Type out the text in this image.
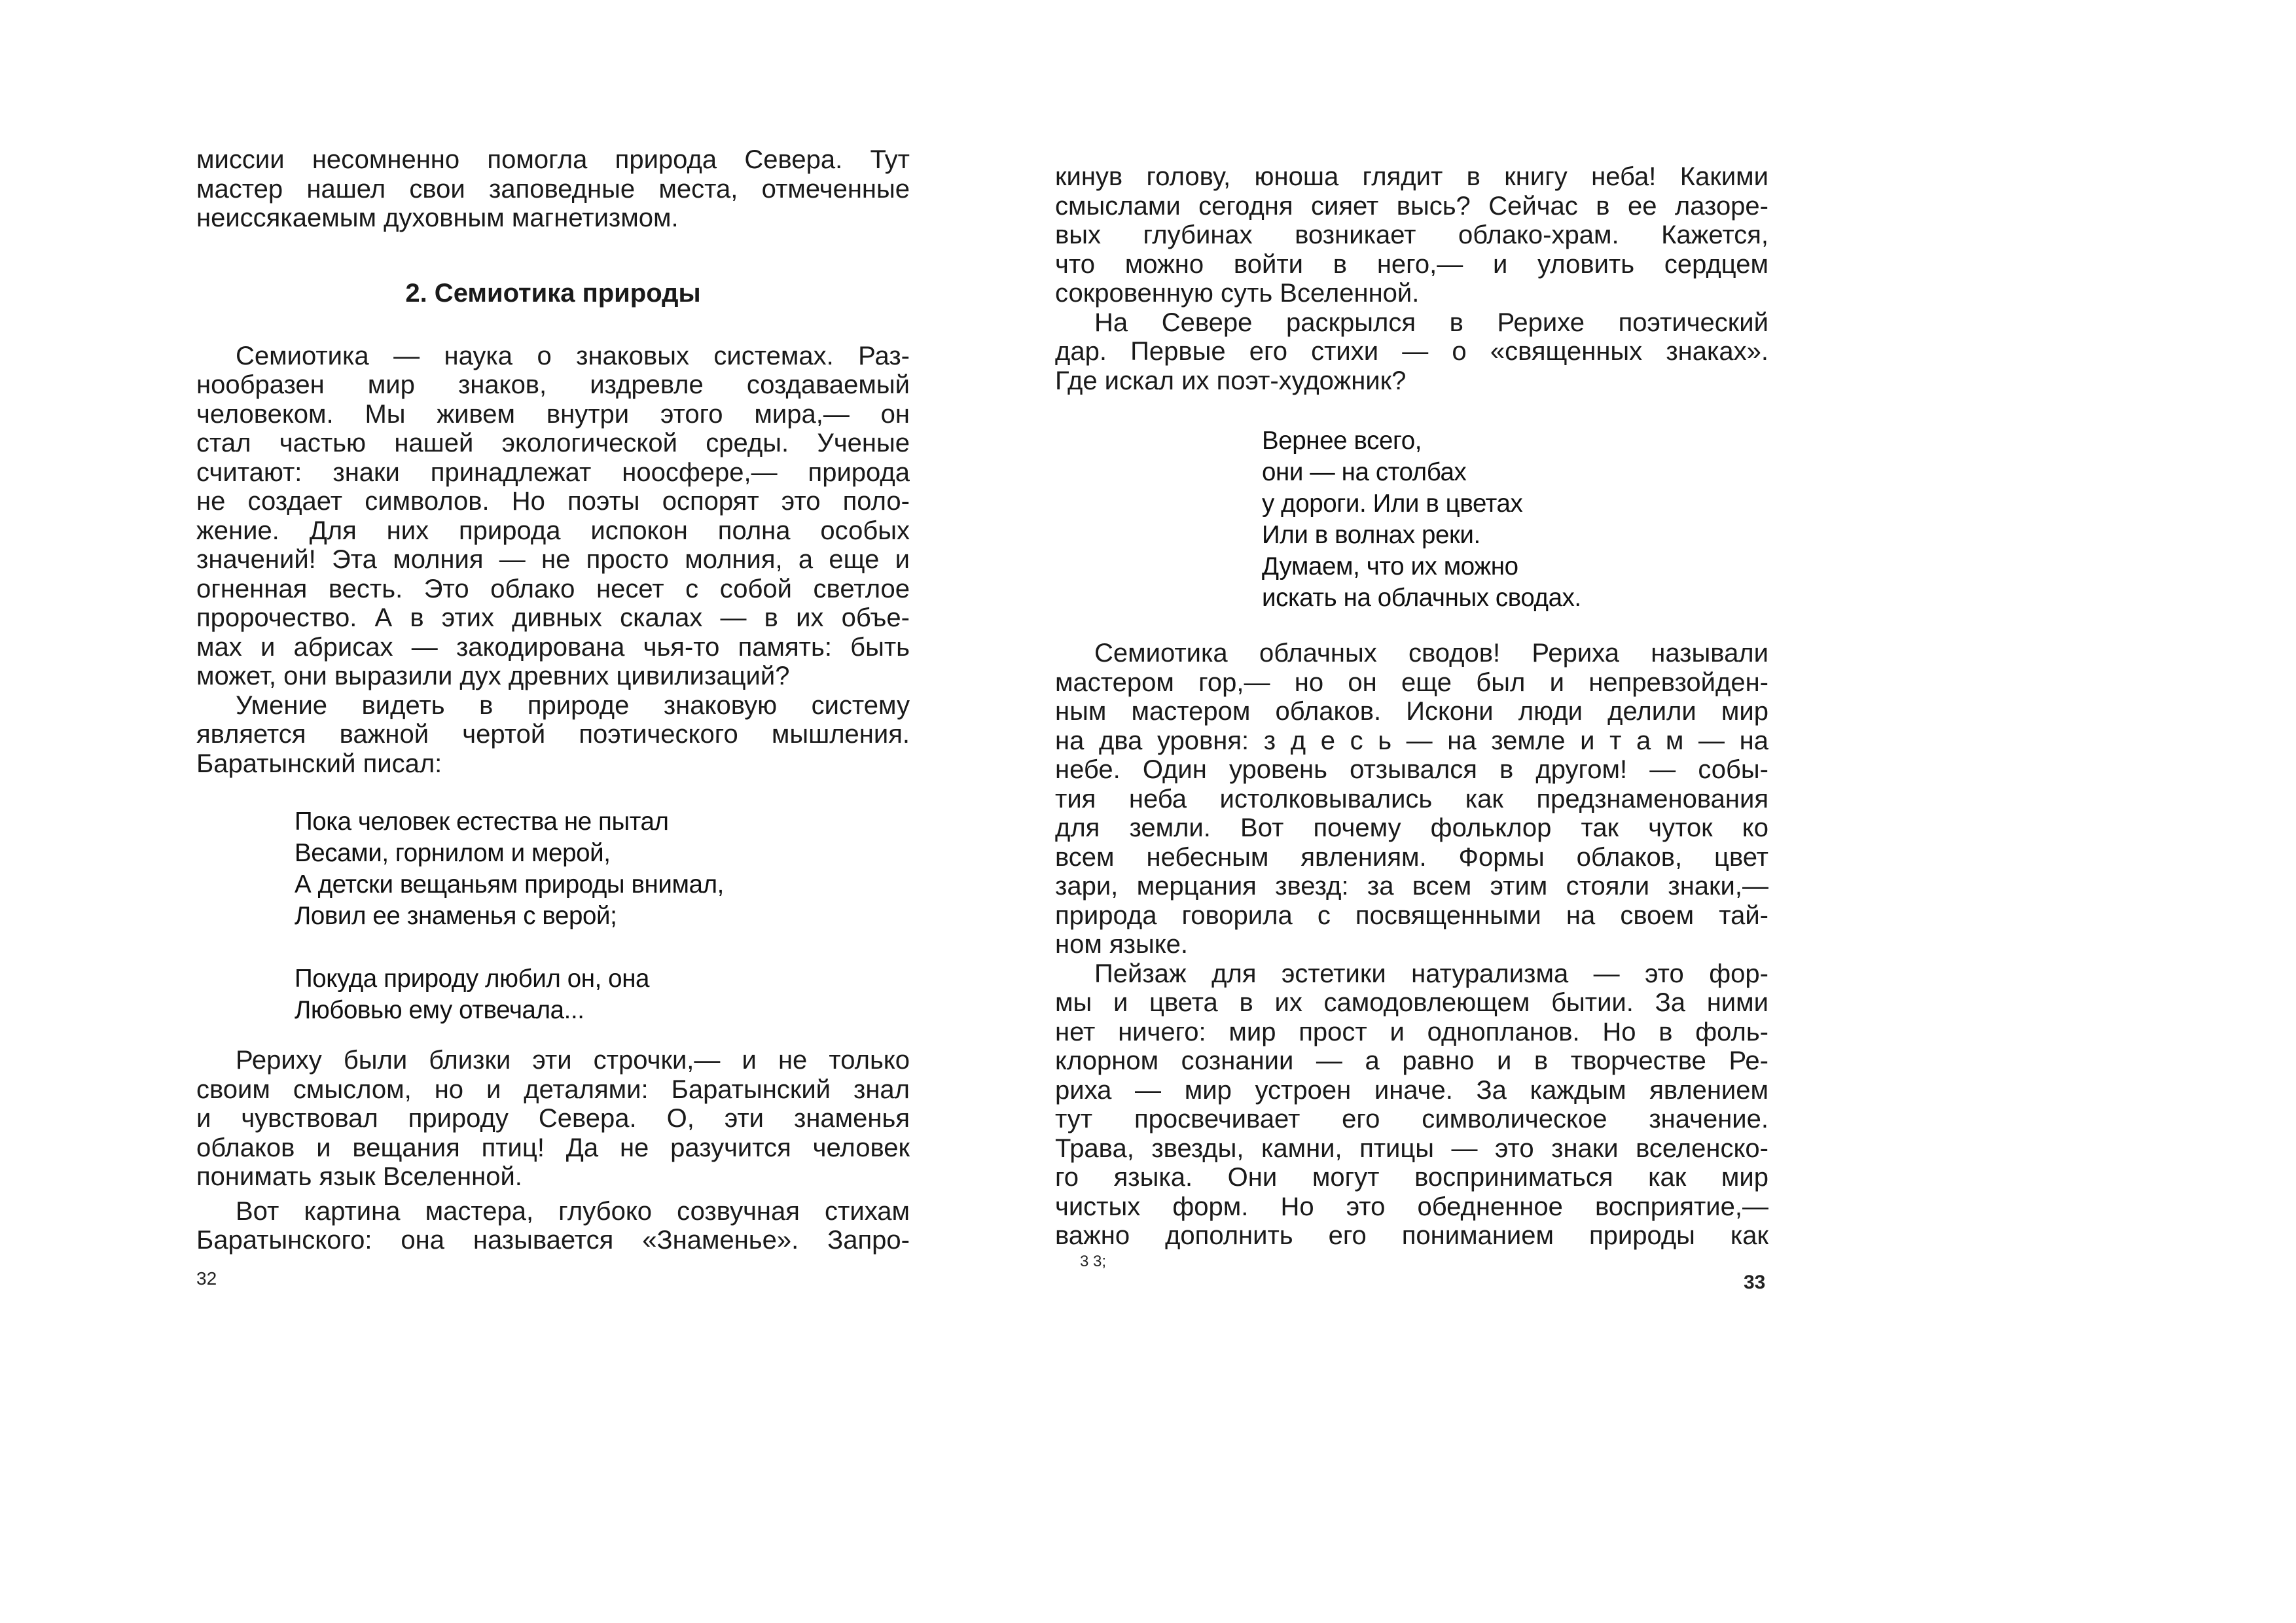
миссии несомненно помогла природа Севера. Тут

мастер нашел свои заповедные места, отмеченные

неиссякаемым духовным магнетизмом.

2. Семиотика природы

Семиотика — наука о знаковых системах. Раз-

нообразен мир знаков, издревле создаваемый

человеком. Мы живем внутри этого мира,— он

стал частью нашей экологической среды. Ученые

считают: знаки принадлежат ноосфере,— природа

не создает символов. Но поэты оспорят это поло-

жение. Для них природа испокон полна особых

значений! Эта молния — не просто молния, а еще и

огненная весть. Это облако несет с собой светлое

пророчество. А в этих дивных скалах — в их объе-

мах и абрисах — закодирована чья-то память: быть

может, они выразили дух древних цивилизаций?

Умение видеть в природе знаковую систему

является важной чертой поэтического мышления.

Баратынский писал:

Пока человек естества не пытал
Весами, горнилом и мерой,
А детски вещаньям природы внимал,
Ловил ее знаменья с верой;
Покуда природу любил он, она
Любовью ему отвечала...

Рериху были близки эти строчки,— и не только

своим смыслом, но и деталями: Баратынский знал

и чувствовал природу Севера. О, эти знаменья

облаков и вещания птиц! Да не разучится человек

понимать язык Вселенной.

Вот картина мастера, глубоко созвучная стихам

Баратынского: она называется «Знаменье». Запро-

32

кинув голову, юноша глядит в книгу неба! Какими

смыслами сегодня сияет высь? Сейчас в ее лазоре-

вых глубинах возникает облако-храм. Кажется,

что можно войти в него,— и уловить сердцем

сокровенную суть Вселенной.

На Севере раскрылся в Рерихе поэтический

дар. Первые его стихи — о «священных знаках».

Где искал их поэт-художник?

Вернее всего,
они — на столбах
у дороги. Или в цветах
Или в волнах реки.
Думаем, что их можно
искать на облачных сводах.

Семиотика облачных сводов! Рериха называли

мастером гор,— но он еще был и непревзойден-

ным мастером облаков. Искони люди делили мир

на два уровня: з д е с ь — на земле и т а м — на

небе. Один уровень отзывался в другом! — собы-

тия неба истолковывались как предзнаменования

для земли. Вот почему фольклор так чуток ко

всем небесным явлениям. Формы облаков, цвет

зари, мерцания звезд: за всем этим стояли знаки,—

природа говорила с посвященными на своем тай-

ном языке.

Пейзаж для эстетики натурализма — это фор-

мы и цвета в их самодовлеющем бытии. За ними

нет ничего: мир прост и однопланов. Но в фоль-

клорном сознании — а равно и в творчестве Ре-

риха — мир устроен иначе. За каждым явлением

тут просвечивает его символическое значение.

Трава, звезды, камни, птицы — это знаки вселенско-

го языка. Они могут восприниматься как мир

чистых форм. Но это обедненное восприятие,—

важно дополнить его пониманием природы как

3 3;
33
